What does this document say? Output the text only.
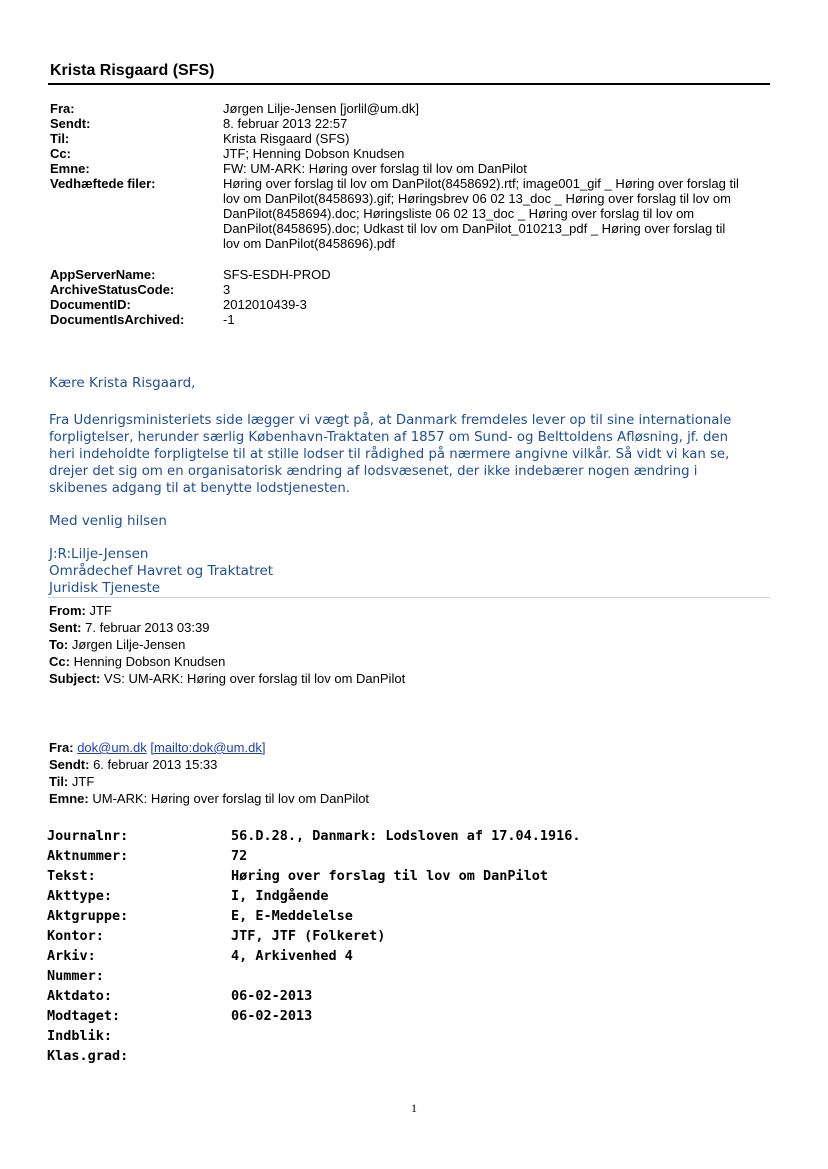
Krista Risgaard (SFS)
Fra:	Jørgen Lilje-Jensen [jorlil@um.dk]
Sendt:	8. februar 2013 22:57
Til:	Krista Risgaard (SFS)
Cc:	JTF; Henning Dobson Knudsen
Emne:	FW: UM-ARK: Høring over forslag til lov om DanPilot
Vedhæftede filer:	Høring over forslag til lov om DanPilot(8458692).rtf; image001_gif _ Høring over forslag til
lov om DanPilot(8458693).gif; Høringsbrev 06 02 13_doc _ Høring over forslag til lov om
DanPilot(8458694).doc; Høringsliste 06 02 13_doc _ Høring over forslag til lov om
DanPilot(8458695).doc; Udkast til lov om DanPilot_010213_pdf _ Høring over forslag til
lov om DanPilot(8458696).pdf
AppServerName:	SFS-ESDH-PROD
ArchiveStatusCode:	3
DocumentID:	2012010439-3
DocumentIsArchived:	-1
Kære Krista Risgaard,

Fra Udenrigsministeriets side lægger vi vægt på, at Danmark fremdeles lever op til sine internationale

forpligtelser, herunder særlig København-Traktaten af 1857 om Sund- og Belttoldens Afløsning, jf. den

heri indeholdte forpligtelse til at stille lodser til rådighed på nærmere angivne vilkår. Så vidt vi kan se,

drejer det sig om en organisatorisk ændring af lodsvæsenet, der ikke indebærer nogen ændring i

skibenes adgang til at benytte lodstjenesten.

Med venlig hilsen
J:R:Lilje-Jensen
Områdechef Havret og Traktatret
Juridisk Tjeneste
From: JTF
Sent: 7. februar 2013 03:39
To: Jørgen Lilje-Jensen
Cc: Henning Dobson Knudsen
Subject: VS: UM-ARK: Høring over forslag til lov om DanPilot
Fra: dok@um.dk [mailto:dok@um.dk]
Sendt: 6. februar 2013 15:33
Til: JTF
Emne: UM-ARK: Høring over forslag til lov om DanPilot
Journalnr:	56.D.28., Danmark: Lodsloven af 17.04.1916.
Aktnummer:	72
Tekst:	Høring over forslag til lov om DanPilot
Akttype:	I, Indgående
Aktgruppe:	E, E-Meddelelse
Kontor:	JTF, JTF (Folkeret)
Arkiv:	4, Arkivenhed 4
Nummer:
Aktdato:	06-02-2013
Modtaget:	06-02-2013
Indblik:
Klas.grad:
1
